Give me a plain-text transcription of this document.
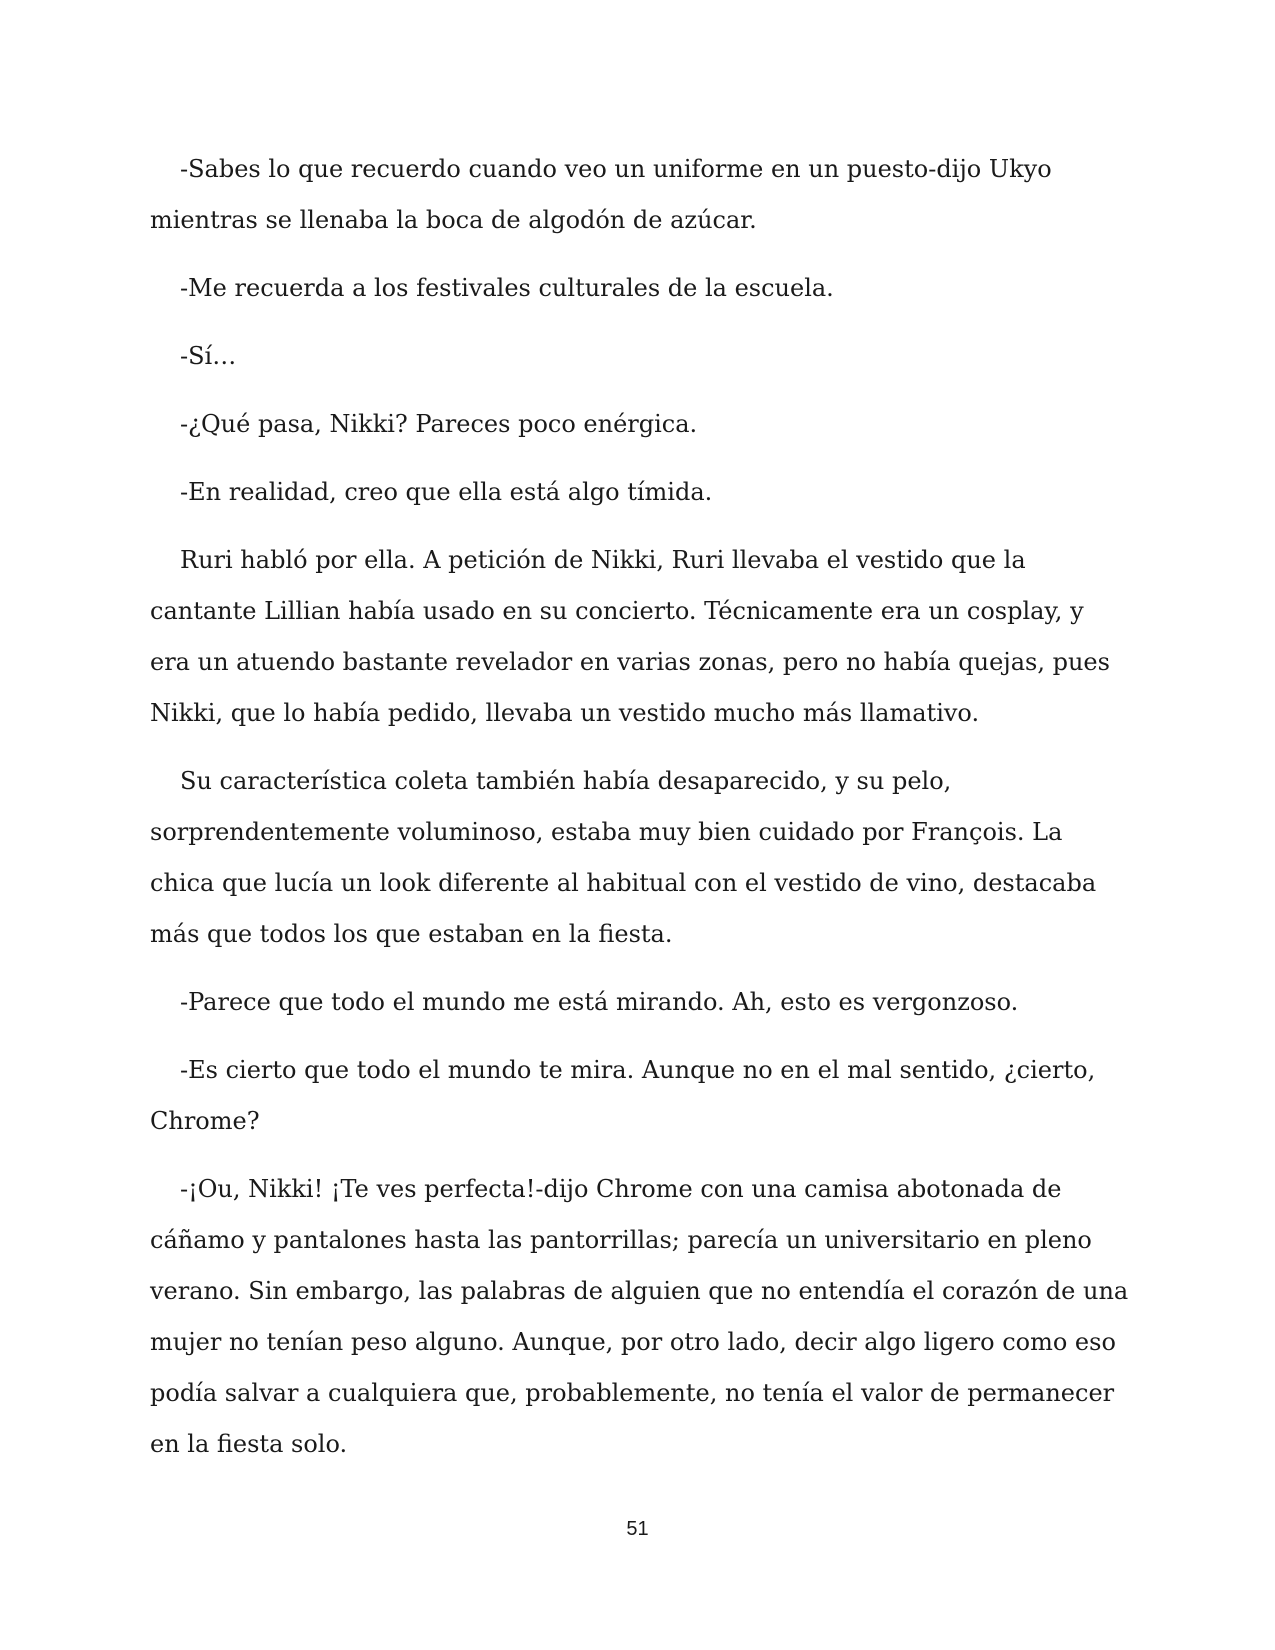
-Sabes lo que recuerdo cuando veo un uniforme en un puesto-dijo Ukyo mientras se llenaba la boca de algodón de azúcar.

-Me recuerda a los festivales culturales de la escuela.

-Sí…

-¿Qué pasa, Nikki? Pareces poco enérgica.

-En realidad, creo que ella está algo tímida.

Ruri habló por ella. A petición de Nikki, Ruri llevaba el vestido que la cantante Lillian había usado en su concierto. Técnicamente era un cosplay, y era un atuendo bastante revelador en varias zonas, pero no había quejas, pues Nikki, que lo había pedido, llevaba un vestido mucho más llamativo.

Su característica coleta también había desaparecido, y su pelo, sorprendentemente voluminoso, estaba muy bien cuidado por François. La chica que lucía un look diferente al habitual con el vestido de vino, destacaba más que todos los que estaban en la fiesta.

-Parece que todo el mundo me está mirando. Ah, esto es vergonzoso.

-Es cierto que todo el mundo te mira. Aunque no en el mal sentido, ¿cierto, Chrome?

-¡Ou, Nikki! ¡Te ves perfecta!-dijo Chrome con una camisa abotonada de cáñamo y pantalones hasta las pantorrillas; parecía un universitario en pleno verano. Sin embargo, las palabras de alguien que no entendía el corazón de una mujer no tenían peso alguno. Aunque, por otro lado, decir algo ligero como eso podía salvar a cualquiera que, probablemente, no tenía el valor de permanecer en la fiesta solo.

51
